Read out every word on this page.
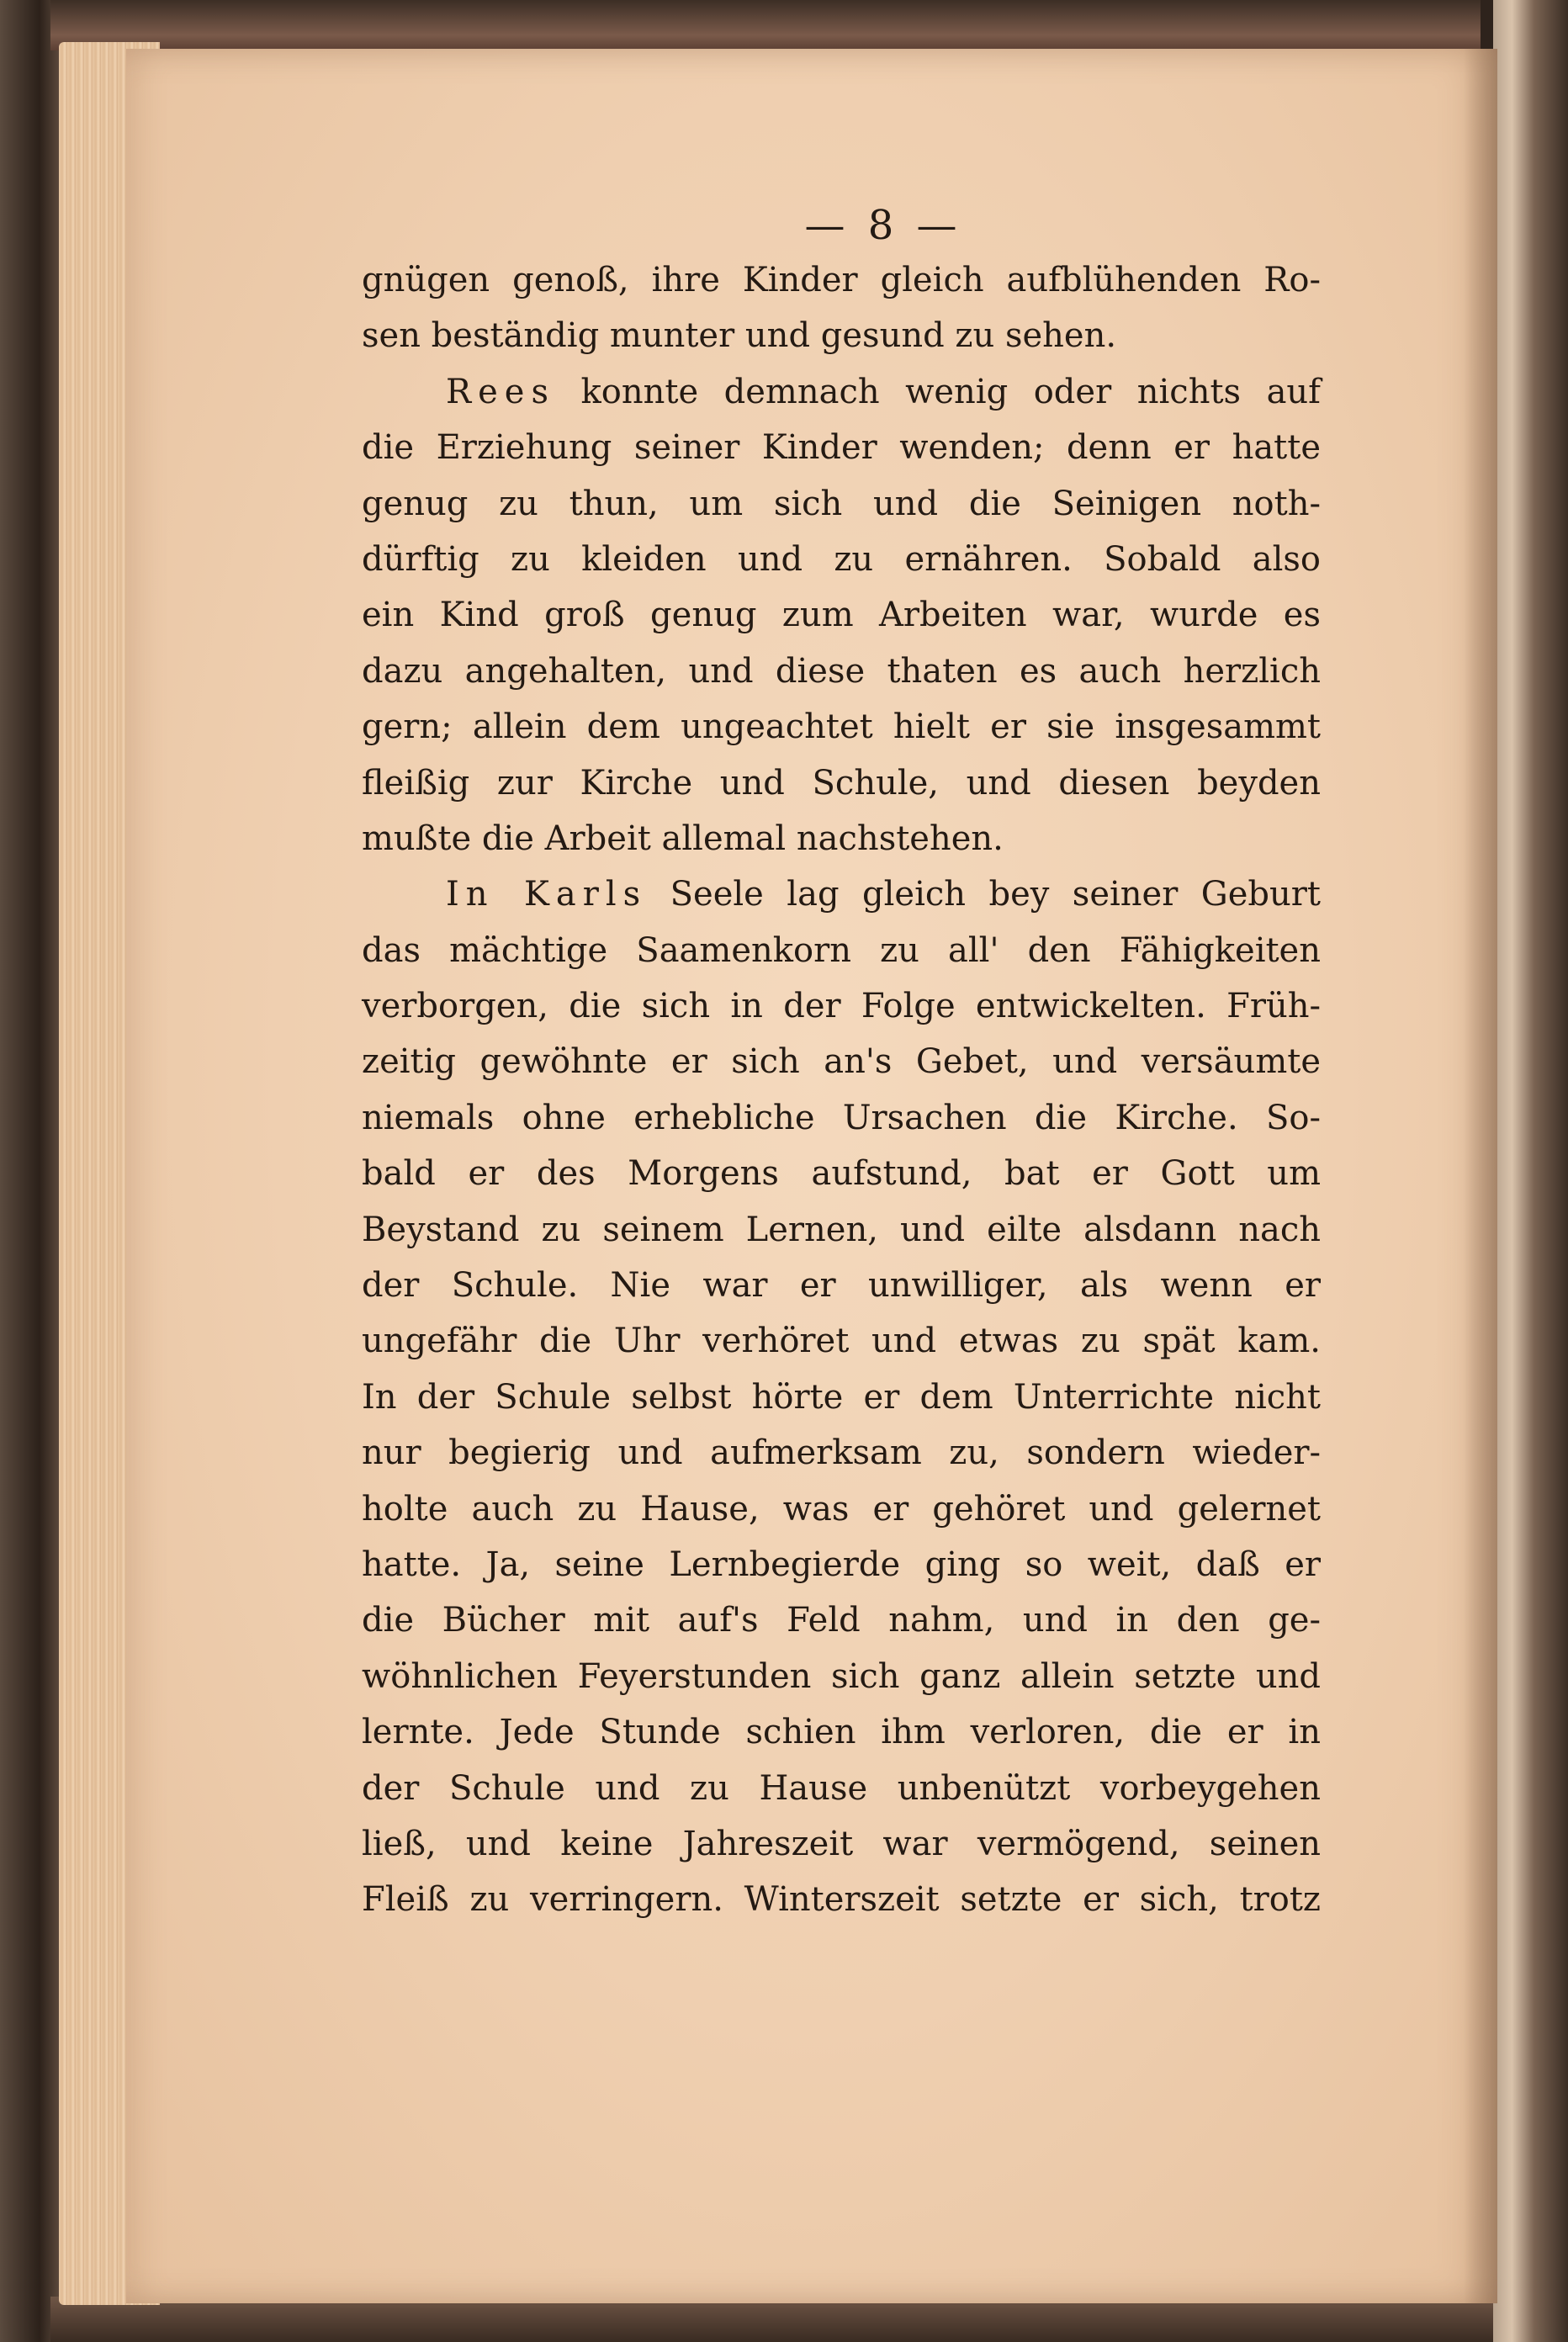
— 8 —
gnügen genoß, ihre Kinder gleich aufblühenden Ro-
sen beständig munter und gesund zu sehen.
Rees konnte demnach wenig oder nichts auf
die Erziehung seiner Kinder wenden; denn er hatte
genug zu thun, um sich und die Seinigen noth-
dürftig zu kleiden und zu ernähren. Sobald also
ein Kind groß genug zum Arbeiten war, wurde es
dazu angehalten, und diese thaten es auch herzlich
gern; allein dem ungeachtet hielt er sie insgesammt
fleißig zur Kirche und Schule, und diesen beyden
mußte die Arbeit allemal nachstehen.
In Karls Seele lag gleich bey seiner Geburt
das mächtige Saamenkorn zu all' den Fähigkeiten
verborgen, die sich in der Folge entwickelten. Früh-
zeitig gewöhnte er sich an's Gebet, und versäumte
niemals ohne erhebliche Ursachen die Kirche. So-
bald er des Morgens aufstund, bat er Gott um
Beystand zu seinem Lernen, und eilte alsdann nach
der Schule. Nie war er unwilliger, als wenn er
ungefähr die Uhr verhöret und etwas zu spät kam.
In der Schule selbst hörte er dem Unterrichte nicht
nur begierig und aufmerksam zu, sondern wieder-
holte auch zu Hause, was er gehöret und gelernet
hatte. Ja, seine Lernbegierde ging so weit, daß er
die Bücher mit auf's Feld nahm, und in den ge-
wöhnlichen Feyerstunden sich ganz allein setzte und
lernte. Jede Stunde schien ihm verloren, die er in
der Schule und zu Hause unbenützt vorbeygehen
ließ, und keine Jahreszeit war vermögend, seinen
Fleiß zu verringern. Winterszeit setzte er sich, trotz
